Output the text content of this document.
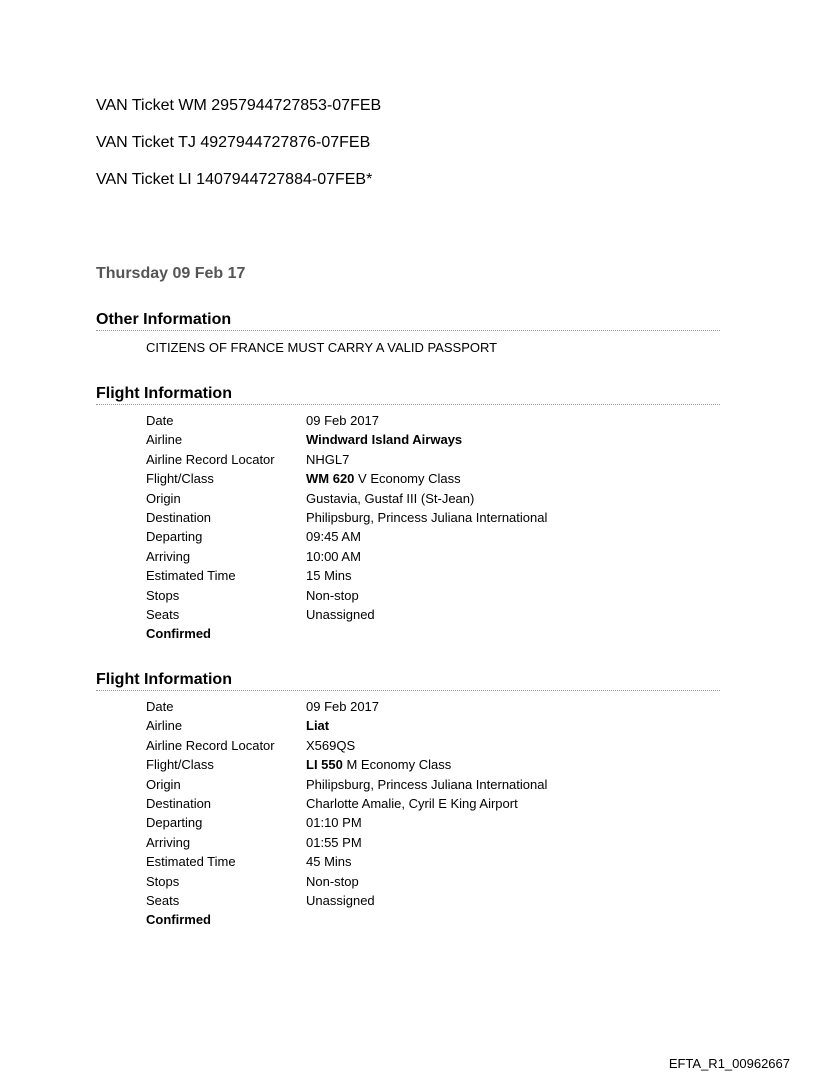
VAN Ticket WM 2957944727853-07FEB
VAN Ticket TJ 4927944727876-07FEB
VAN Ticket LI 1407944727884-07FEB*
Thursday 09 Feb 17
Other Information
CITIZENS OF FRANCE MUST CARRY A VALID PASSPORT
Flight Information
Date	09 Feb 2017
Airline	Windward Island Airways
Airline Record Locator NHGL7
Flight/Class	WM 620 V Economy Class
Origin	Gustavia, Gustaf III (St-Jean)
Destination	Philipsburg, Princess Juliana International
Departing	09:45 AM
Arriving	10:00 AM
Estimated Time	15 Mins
Stops	Non-stop
Seats	Unassigned
Confirmed
Flight Information
Date	09 Feb 2017
Airline	Liat
Airline Record Locator X569QS
Flight/Class	LI 550 M Economy Class
Origin	Philipsburg, Princess Juliana International
Destination	Charlotte Amalie, Cyril E King Airport
Departing	01:10 PM
Arriving	01:55 PM
Estimated Time	45 Mins
Stops	Non-stop
Seats	Unassigned
Confirmed
EFTA_R1_00962667
